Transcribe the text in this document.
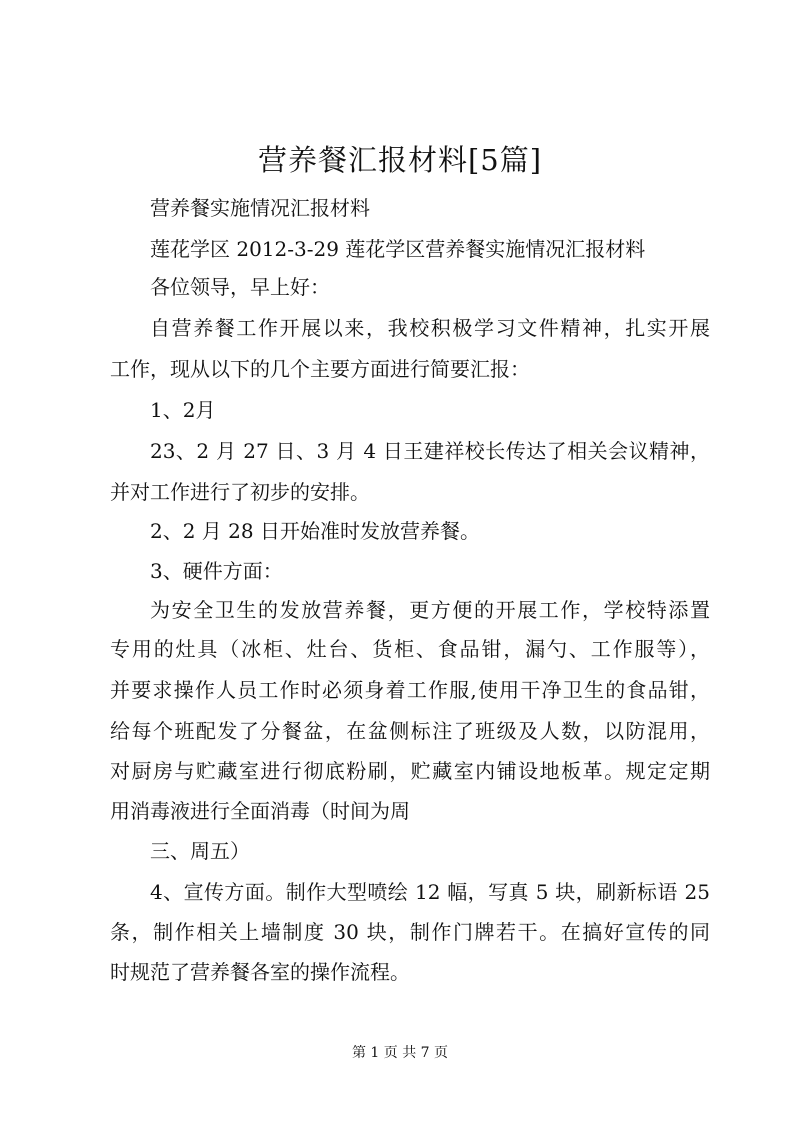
营养餐汇报材料[5篇]
营养餐实施情况汇报材料
莲花学区 2012-3-29 莲花学区营养餐实施情况汇报材料
各位领导，早上好：
自营养餐工作开展以来，我校积极学习文件精神，扎实开展
工作，现从以下的几个主要方面进行简要汇报：
1、2月
23、2 月 27 日、3 月 4 日王建祥校长传达了相关会议精神，
并对工作进行了初步的安排。
2、2 月 28 日开始准时发放营养餐。
3、硬件方面：
为安全卫生的发放营养餐，更方便的开展工作，学校特添置
专用的灶具（冰柜、灶台、货柜、食品钳，漏勺、工作服等），
并要求操作人员工作时必须身着工作服,使用干净卫生的食品钳，
给每个班配发了分餐盆，在盆侧标注了班级及人数，以防混用，
对厨房与贮藏室进行彻底粉刷，贮藏室内铺设地板革。规定定期
用消毒液进行全面消毒（时间为周
三、周五）
4、宣传方面。制作大型喷绘 12 幅，写真 5 块，刷新标语 25
条，制作相关上墙制度 30 块，制作门牌若干。在搞好宣传的同
时规范了营养餐各室的操作流程。
第 1 页 共 7 页
